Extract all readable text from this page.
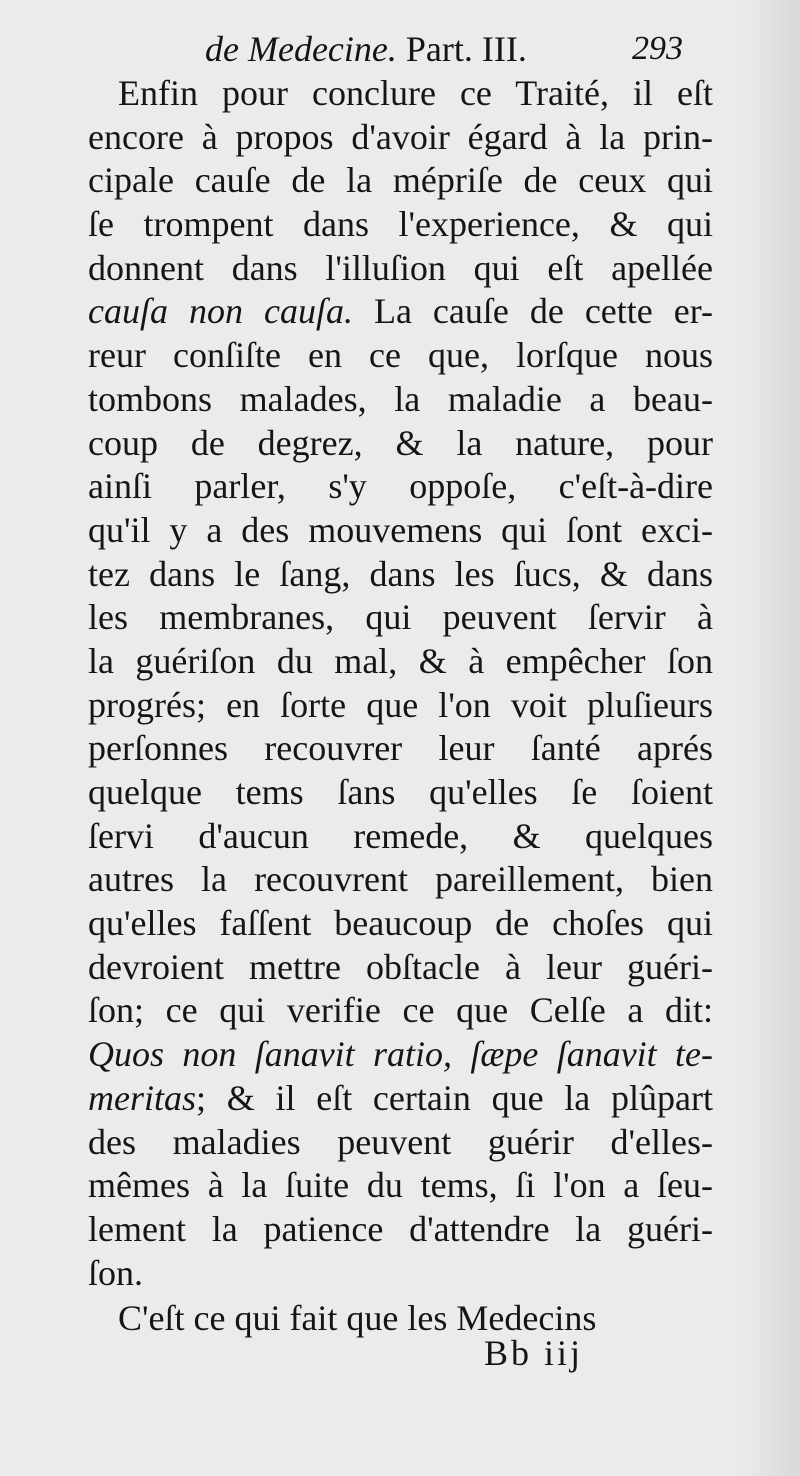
de Medecine. Part. III.	293
Enfin pour conclure ce Traité, il eſt
encore à propos d'avoir égard à la prin-
cipale cauſe de la mépriſe de ceux qui
ſe trompent dans l'experience, & qui
donnent dans l'illuſion qui eſt apellée
cauſa non cauſa. La cauſe de cette er-
reur conſiſte en ce que, lorſque nous
tombons malades, la maladie a beau-
coup de degrez, & la nature, pour
ainſi parler, s'y oppoſe, c'eſt-à-dire
qu'il y a des mouvemens qui ſont exci-
tez dans le ſang, dans les ſucs, & dans
les membranes, qui peuvent ſervir à
la guériſon du mal, & à empêcher ſon
progrés; en ſorte que l'on voit pluſieurs
perſonnes recouvrer leur ſanté aprés
quelque tems ſans qu'elles ſe ſoient
ſervi d'aucun remede, & quelques
autres la recouvrent pareillement, bien
qu'elles faſſent beaucoup de choſes qui
devroient mettre obſtacle à leur guéri-
ſon; ce qui verifie ce que Celſe a dit:
Quos non ſanavit ratio, ſæpe ſanavit te-
meritas; & il eſt certain que la plûpart
des maladies peuvent guérir d'elles-
mêmes à la ſuite du tems, ſi l'on a ſeu-
lement la patience d'attendre la guéri-
ſon.
C'eſt ce qui fait que les Medecins
Bb iij
